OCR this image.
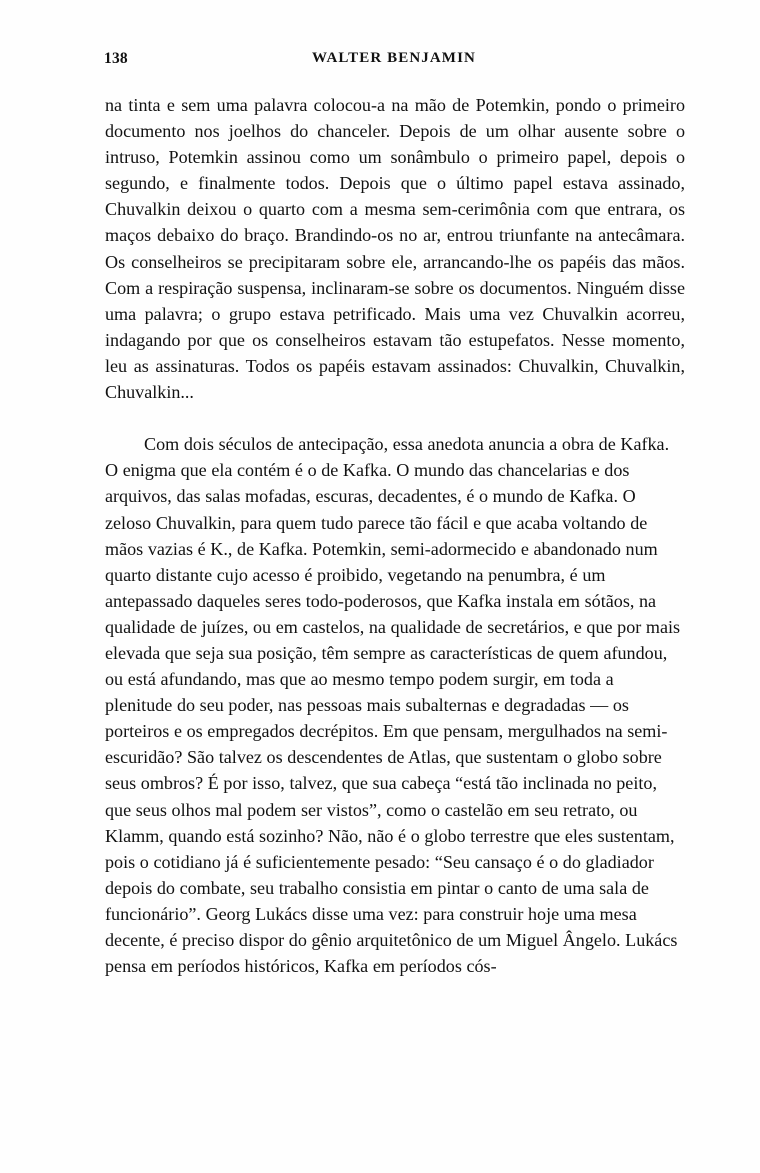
138	WALTER BENJAMIN

na tinta e sem uma palavra colocou-a na mão de Potemkin, pondo o primeiro documento nos joelhos do chanceler. Depois de um olhar ausente sobre o intruso, Potemkin assinou como um sonâmbulo o primeiro papel, depois o segundo, e finalmente todos. Depois que o último papel estava assinado, Chuvalkin deixou o quarto com a mesma sem-cerimônia com que entrara, os maços debaixo do braço. Brandindo-os no ar, entrou triunfante na antecâmara. Os conselheiros se precipitaram sobre ele, arrancando-lhe os papéis das mãos. Com a respiração suspensa, inclinaram-se sobre os documentos. Ninguém disse uma palavra; o grupo estava petrificado. Mais uma vez Chuvalkin acorreu, indagando por que os conselheiros estavam tão estupefatos. Nesse momento, leu as assinaturas. Todos os papéis estavam assinados: Chuvalkin, Chuvalkin, Chuvalkin...

Com dois séculos de antecipação, essa anedota anuncia a obra de Kafka. O enigma que ela contém é o de Kafka. O mundo das chancelarias e dos arquivos, das salas mofadas, escuras, decadentes, é o mundo de Kafka. O zeloso Chuvalkin, para quem tudo parece tão fácil e que acaba voltando de mãos vazias é K., de Kafka. Potemkin, semi-adormecido e abandonado num quarto distante cujo acesso é proibido, vegetando na penumbra, é um antepassado daqueles seres todo-poderosos, que Kafka instala em sótãos, na qualidade de juízes, ou em castelos, na qualidade de secretários, e que por mais elevada que seja sua posição, têm sempre as características de quem afundou, ou está afundando, mas que ao mesmo tempo podem surgir, em toda a plenitude do seu poder, nas pessoas mais subalternas e degradadas — os porteiros e os empregados decrépitos. Em que pensam, mergulhados na semi-escuridão? São talvez os descendentes de Atlas, que sustentam o globo sobre seus ombros? É por isso, talvez, que sua cabeça “está tão inclinada no peito, que seus olhos mal podem ser vistos”, como o castelão em seu retrato, ou Klamm, quando está sozinho? Não, não é o globo terrestre que eles sustentam, pois o cotidiano já é suficientemente pesado: “Seu cansaço é o do gladiador depois do combate, seu trabalho consistia em pintar o canto de uma sala de funcionário”. Georg Lukács disse uma vez: para construir hoje uma mesa decente, é preciso dispor do gênio arquitetônico de um Miguel Ângelo. Lukács pensa em períodos históricos, Kafka em períodos cós-
